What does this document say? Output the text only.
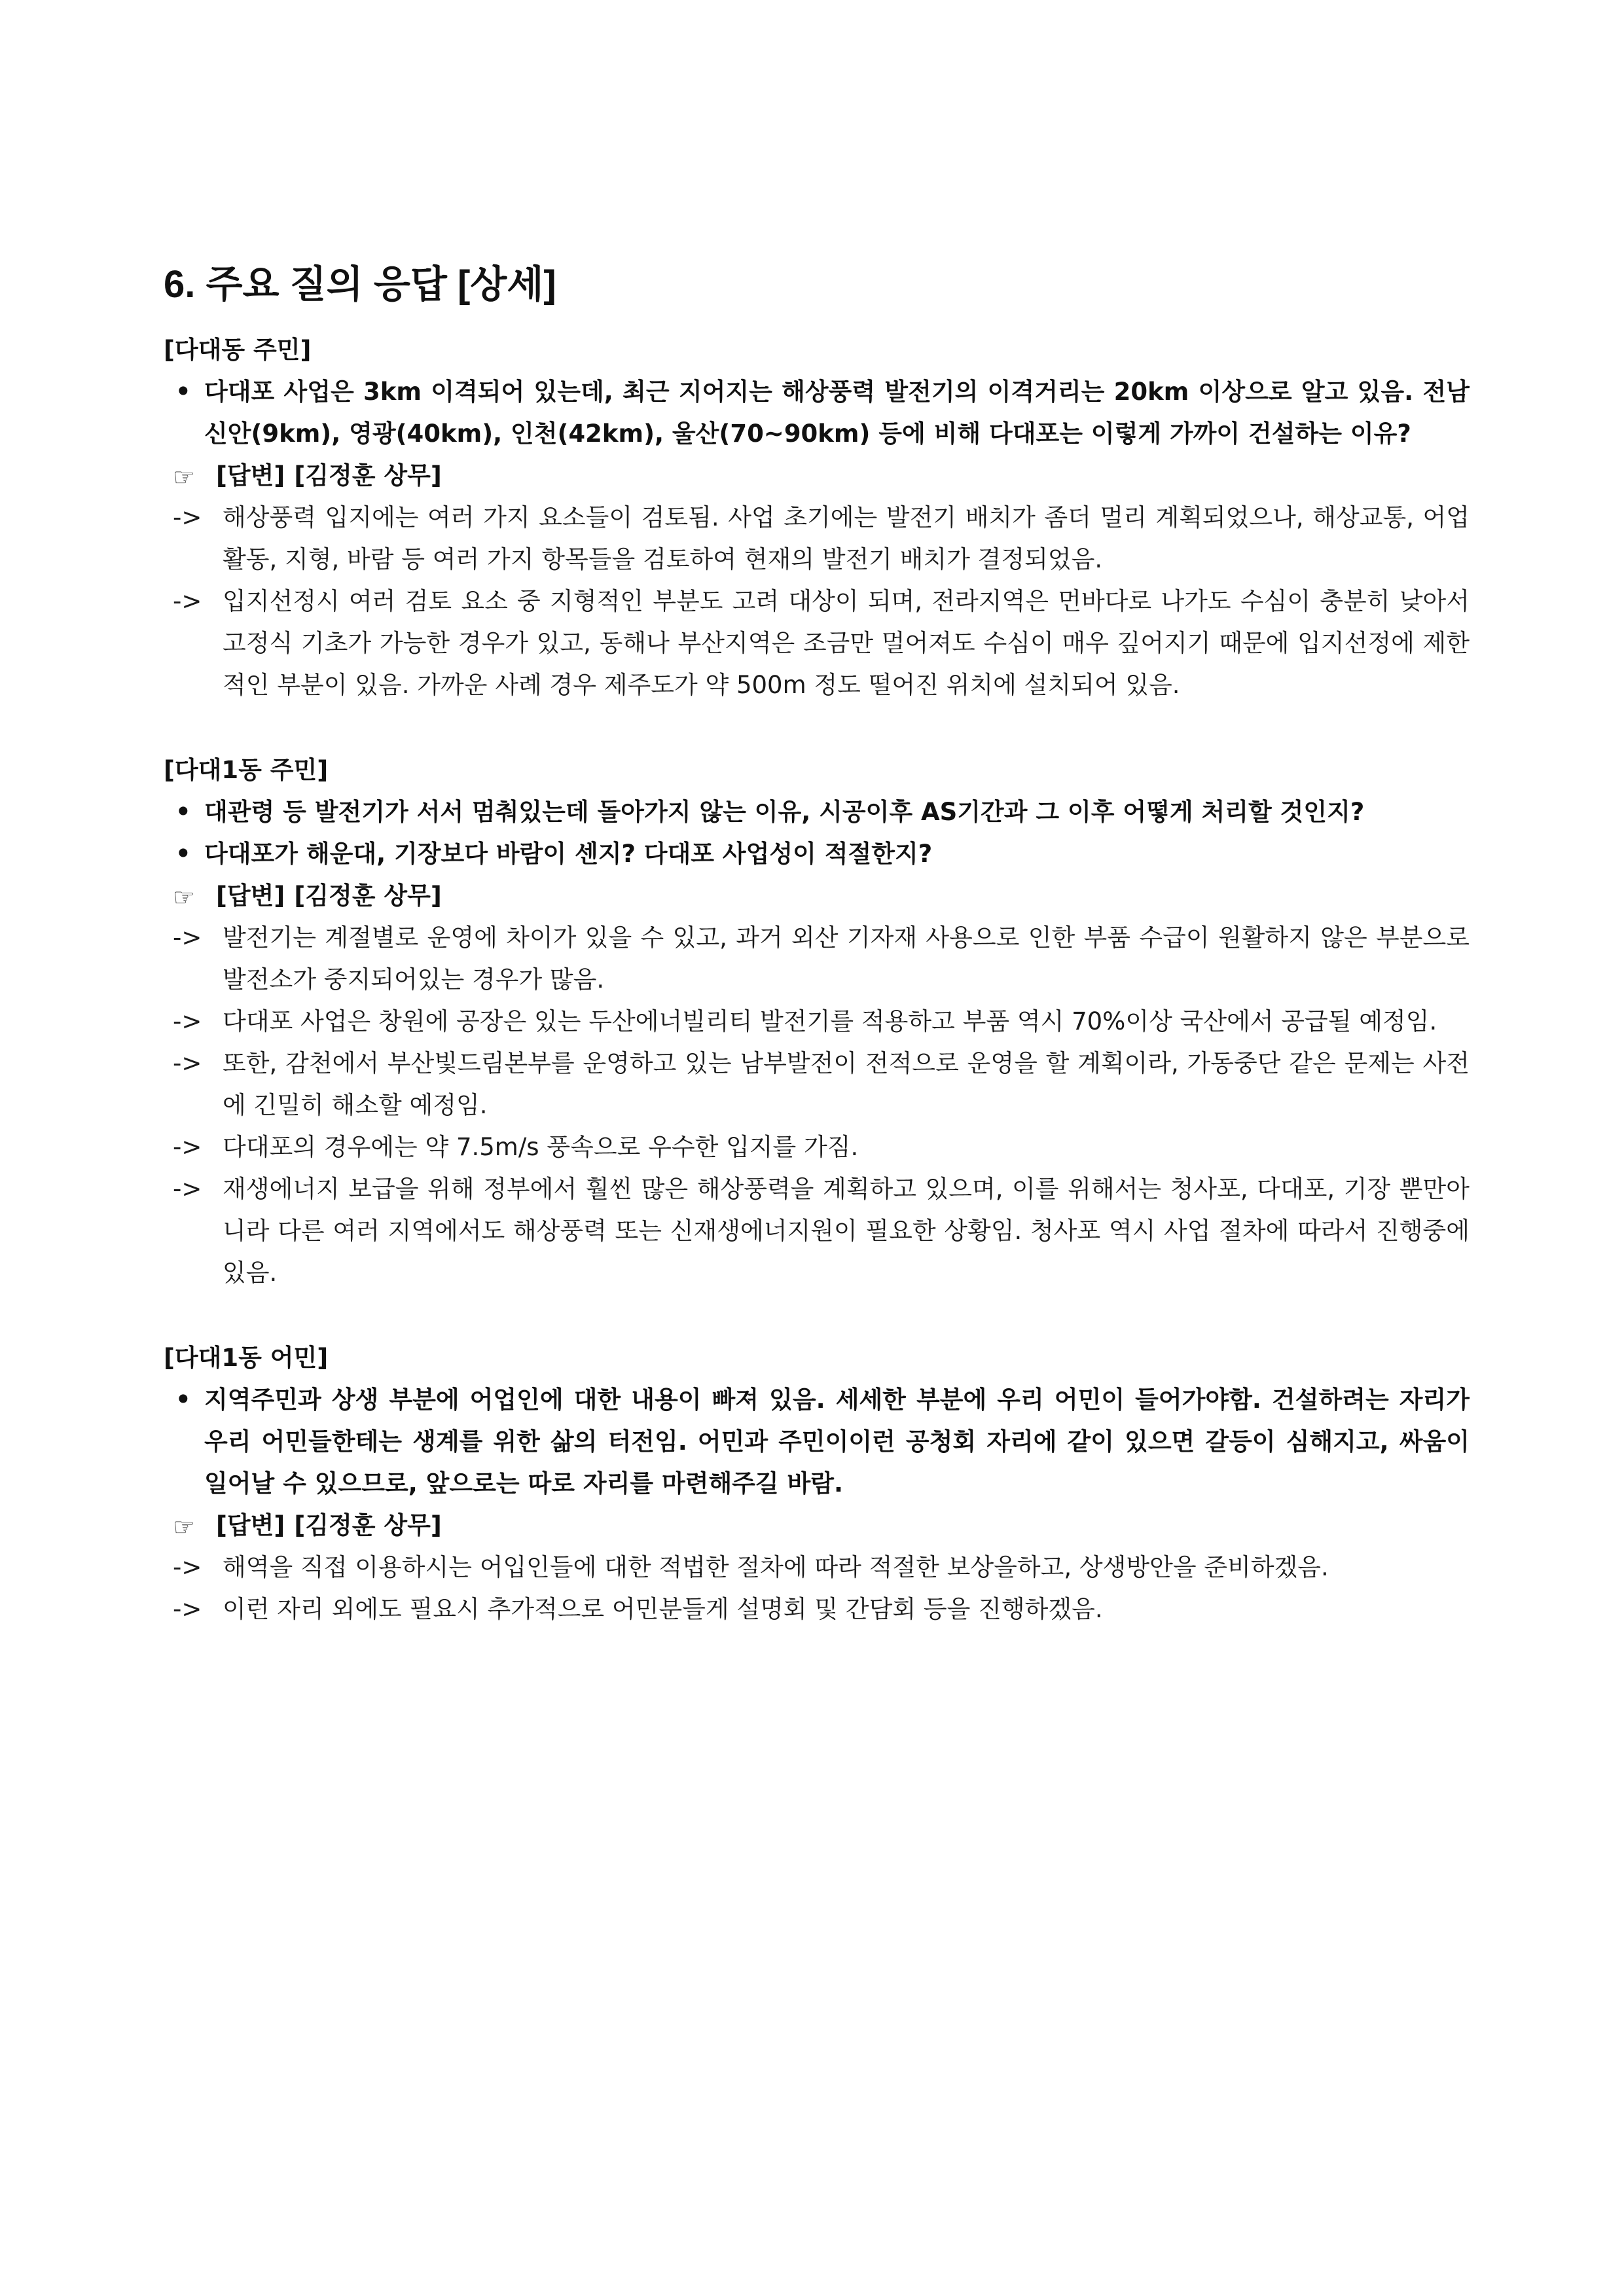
6. 주요 질의 응답 [상세]

[다대동 주민]

• 다대포 사업은 3km 이격되어 있는데, 최근 지어지는 해상풍력 발전기의 이격거리는 20km 이상으로 알고 있음. 전남 신안(9km), 영광(40km), 인천(42km), 울산(70~90km) 등에 비해 다대포는 이렇게 가까이 건설하는 이유?

☞ [답변] [김정훈 상무]

-> 해상풍력 입지에는 여러 가지 요소들이 검토됨. 사업 초기에는 발전기 배치가 좀더 멀리 계획되었으나, 해상교통, 어업활동, 지형, 바람 등 여러 가지 항목들을 검토하여 현재의 발전기 배치가 결정되었음.

-> 입지선정시 여러 검토 요소 중 지형적인 부분도 고려 대상이 되며, 전라지역은 먼바다로 나가도 수심이 충분히 낮아서 고정식 기초가 가능한 경우가 있고, 동해나 부산지역은 조금만 멀어져도 수심이 매우 깊어지기 때문에 입지선정에 제한적인 부분이 있음. 가까운 사례 경우 제주도가 약 500m 정도 떨어진 위치에 설치되어 있음.

[다대1동 주민]

• 대관령 등 발전기가 서서 멈춰있는데 돌아가지 않는 이유, 시공이후 AS기간과 그 이후 어떻게 처리할 것인지?

• 다대포가 해운대, 기장보다 바람이 센지? 다대포 사업성이 적절한지?

☞ [답변] [김정훈 상무]

-> 발전기는 계절별로 운영에 차이가 있을 수 있고, 과거 외산 기자재 사용으로 인한 부품 수급이 원활하지 않은 부분으로 발전소가 중지되어있는 경우가 많음.

-> 다대포 사업은 창원에 공장은 있는 두산에너빌리티 발전기를 적용하고 부품 역시 70%이상 국산에서 공급될 예정임.

-> 또한, 감천에서 부산빛드림본부를 운영하고 있는 남부발전이 전적으로 운영을 할 계획이라, 가동중단 같은 문제는 사전에 긴밀히 해소할 예정임.

-> 다대포의 경우에는 약 7.5m/s 풍속으로 우수한 입지를 가짐.

-> 재생에너지 보급을 위해 정부에서 훨씬 많은 해상풍력을 계획하고 있으며, 이를 위해서는 청사포, 다대포, 기장 뿐만아니라 다른 여러 지역에서도 해상풍력 또는 신재생에너지원이 필요한 상황임. 청사포 역시 사업 절차에 따라서 진행중에 있음.

[다대1동 어민]

• 지역주민과 상생 부분에 어업인에 대한 내용이 빠져 있음. 세세한 부분에 우리 어민이 들어가야함. 건설하려는 자리가 우리 어민들한테는 생계를 위한 삶의 터전임. 어민과 주민이이런 공청회 자리에 같이 있으면 갈등이 심해지고, 싸움이 일어날 수 있으므로, 앞으로는 따로 자리를 마련해주길 바람.

☞ [답변] [김정훈 상무]

-> 해역을 직접 이용하시는 어입인들에 대한 적법한 절차에 따라 적절한 보상을하고, 상생방안을 준비하겠음.

-> 이런 자리 외에도 필요시 추가적으로 어민분들게 설명회 및 간담회 등을 진행하겠음.
